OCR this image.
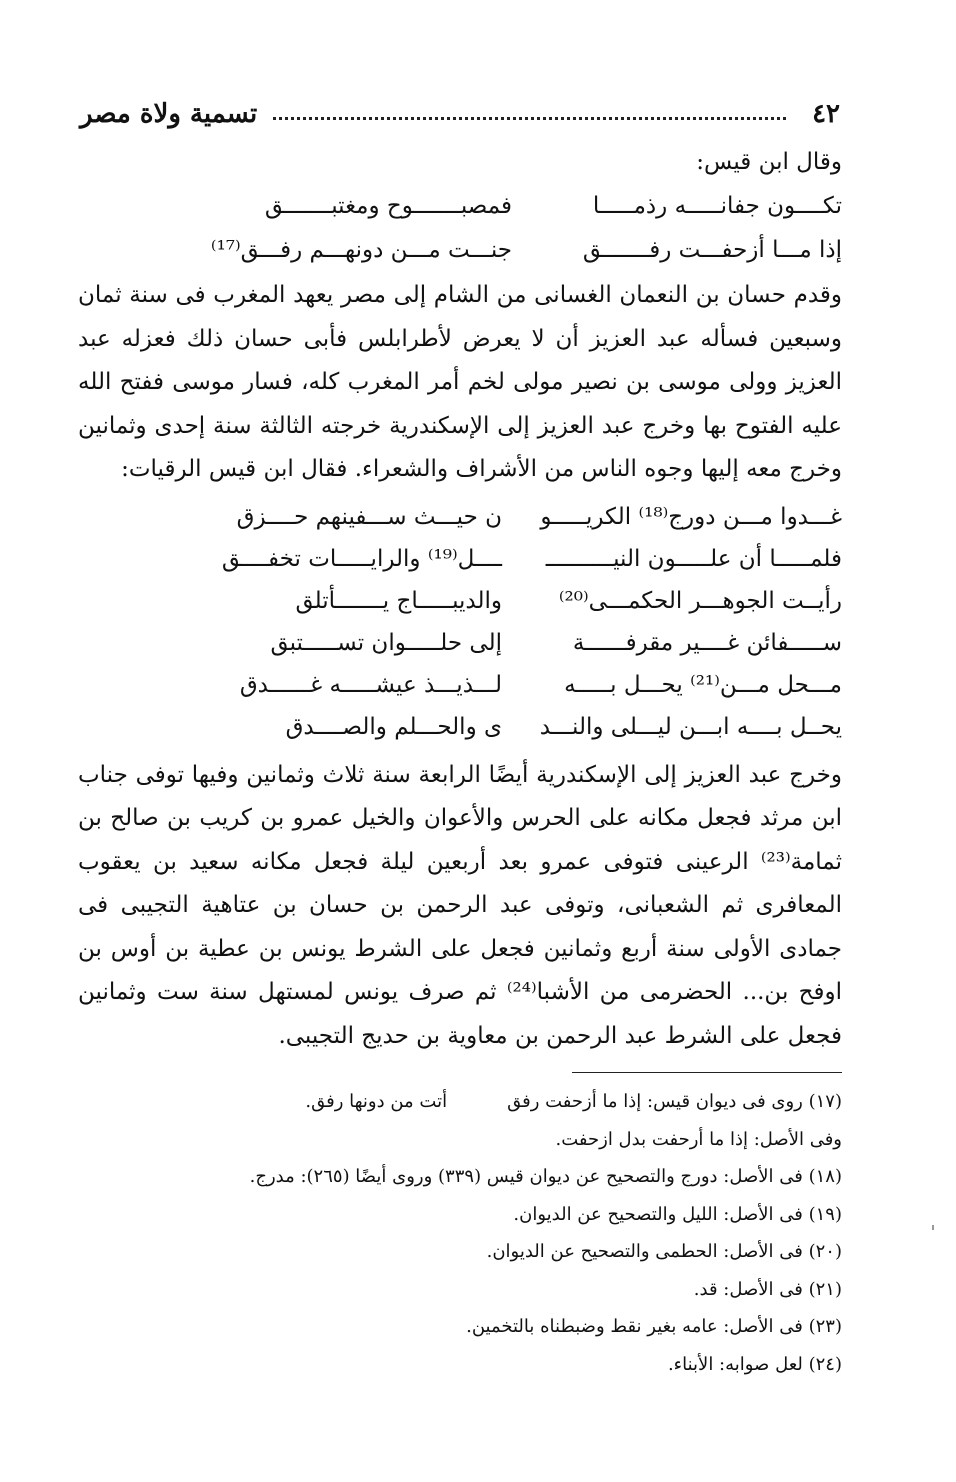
٤٢
تسمية ولاة مصر

وقال ابن قيس:

تكــــون جفانـــــه رذمـــــا
فمصبـــــــوح ومغتبـــــــق
إذا مـــا أزحفـــت رفـــــــق
جنـــت مـــن دونهـــم رفـــق⁽¹⁷⁾

وقدم حسان بن النعمان الغسانى من الشام إلى مصر يعهد المغرب فى سنة ثمان وسبعين فسأله عبد العزيز أن لا يعرض لأطرابلس فأبى حسان ذلك فعزله عبد العزيز وولى موسى بن نصير مولى لخم أمر المغرب كله، فسار موسى ففتح الله عليه الفتوح بها وخرج عبد العزيز إلى الإسكندرية خرجته الثالثة سنة إحدى وثمانين وخرج معه إليها وجوه الناس من الأشراف والشعراء. فقال ابن قيس الرقيات:

غـــدوا مـــن دورج⁽¹⁸⁾ الكريـــــو
ن حيـــث ســـفينهم حــــزق
فلمـــــا أن علـــــون النيــــــــــ
ــــل⁽¹⁹⁾ والرايـــــات تخفــــق
رأيــت الجوهـــر الحكمـــى⁽²⁰⁾
والديبـــــاج يـــــــأتلق
ســـــفائن غــــير مقرفــــــة
إلى حلـــــوان تســـــتبق
مـــحل مـــن⁽²¹⁾ يحـــل بـــــه
لـــذيـــذ عيشـــــه غــــــدق
يحــل بــــه ابـــن ليـــلى والنـــد
ى والحـــلم والصــــدق

وخرج عبد العزيز إلى الإسكندرية أيضًا الرابعة سنة ثلاث وثمانين وفيها توفى جناب ابن مرثد فجعل مكانه على الحرس والأعوان والخيل عمرو بن كريب بن صالح بن ثمامة⁽²³⁾ الرعينى فتوفى عمرو بعد أربعين ليلة فجعل مكانه سعيد بن يعقوب المعافرى ثم الشعبانى، وتوفى عبد الرحمن بن حسان بن عتاهية التجيبى فى جمادى الأولى سنة أربع وثمانين فجعل على الشرط يونس بن عطية بن أوس بن اوفح بن... الحضرمى من الأشبا⁽²⁴⁾ ثم صرف يونس لمستهل سنة ست وثمانين فجعل على الشرط عبد الرحمن بن معاوية بن حديج التجيبى.

(١٧) روى فى ديوان قيس: إذا ما أزحفت رفقأتت من دونها رفق.

وفى الأصل: إذا ما أرحفت بدل ازحفت.

(١٨) فى الأصل: دورج والتصحيح عن ديوان قيس (٣٣٩) وروى أيضًا (٢٦٥): مدرج.

(١٩) فى الأصل: الليل والتصحيح عن الديوان.

(٢٠) فى الأصل: الحطمى والتصحيح عن الديوان.

(٢١) فى الأصل: قد.

(٢٣) فى الأصل: عامه بغير نقط وضبطناه بالتخمين.

(٢٤) لعل صوابه: الأبناء.
